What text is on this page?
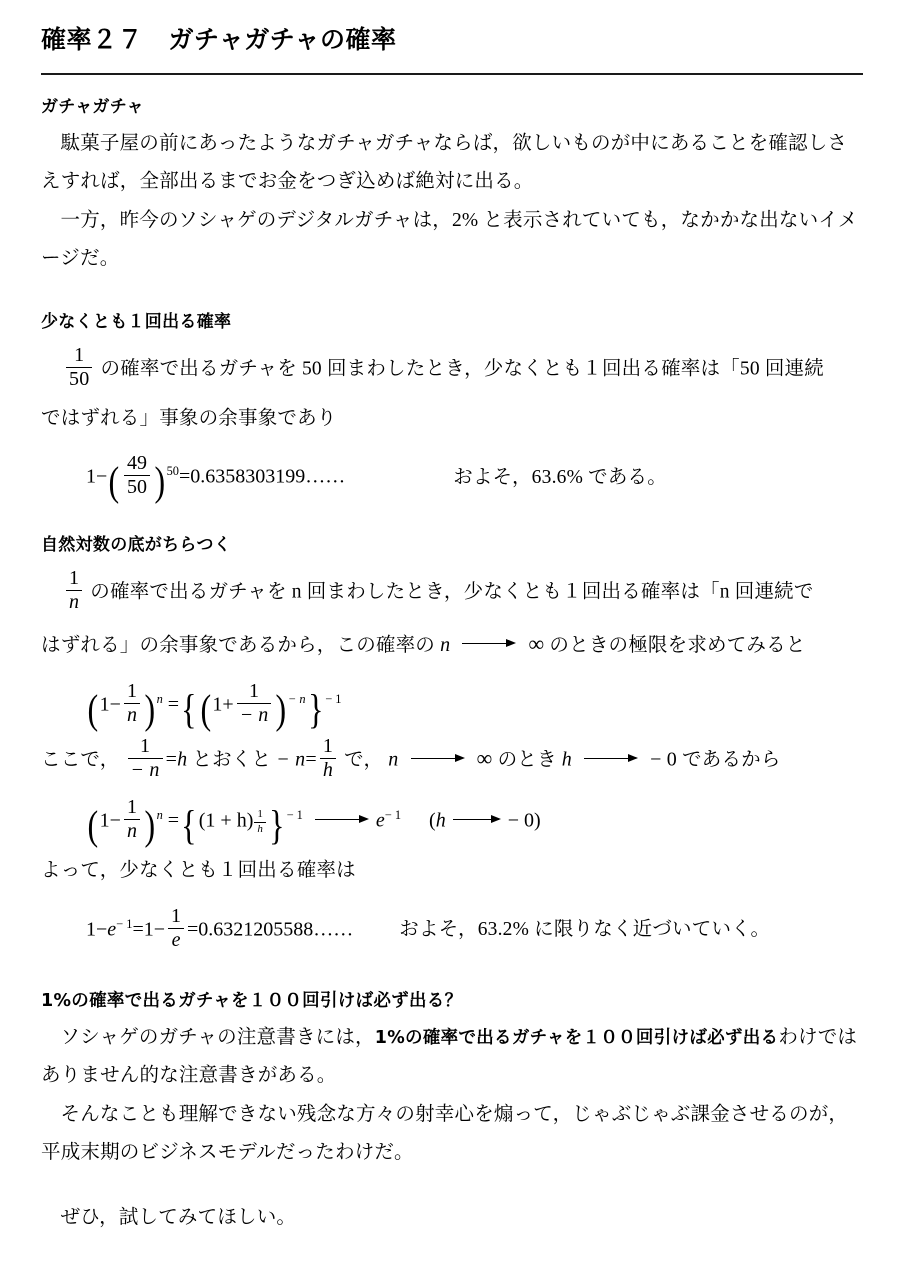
確率２７　ガチャガチャの確率
ガチャガチャ

駄菓子屋の前にあったようなガチャガチャならば，欲しいものが中にあることを確認しさえすれば，全部出るまでお金をつぎ込めば絶対に出る。

一方，昨今のソシャゲのデジタルガチャは，2% と表示されていても，なかかな出ないイメージだ。

少なくとも１回出る確率
$\frac{1}{50}$ の確率で出るガチャを 50 回まわしたとき，少なくとも１回出る確率は「50 回連続
ではずれる」事象の余事象であり
$1-( \frac{49}{50}$ ) $^{50}$=0.6358303199……	およそ，63.6% である。
自然対数の底がちらつく
$\frac{1}{n}$ の確率で出るガチャを n 回まわしたとき，少なくとも１回出る確率は「n 回連続で
はずれる」の余事象であるから，この確率の n	∞ のときの極限を求めてみると
($1- \frac{1}{n}$ ) $^n =\{(1+ \frac{1}{- n}$ ) $^{- n}$} $^{- 1}$
ここで， $\frac{1}{- n} =h$ とおくと − $n= \frac{1}{h}$ で， n	∞ のとき h	− 0 であるから
($1- \frac{1}{n}$ ) $^n$ ={ $(1 + h) \frac{1}{h}$ } $^{- 1}$	$e^{- 1}$ (h	− 0)
よって，少なくとも１回出る確率は
$1-e^{- 1}=1- \frac{1}{e}$ =0.6321205588…… およそ，63.2% に限りなく近づいていく。
1%の確率で出るガチャを１００回引けば必ず出る？

ソシャゲのガチャの注意書きには，1%の確率で出るガチャを１００回引けば必ず出るわけではありません的な注意書きがある。

そんなことも理解できない残念な方々の射幸心を煽って，じゃぶじゃぶ課金させるのが，平成末期のビジネスモデルだったわけだ。

ぜひ，試してみてほしい。
